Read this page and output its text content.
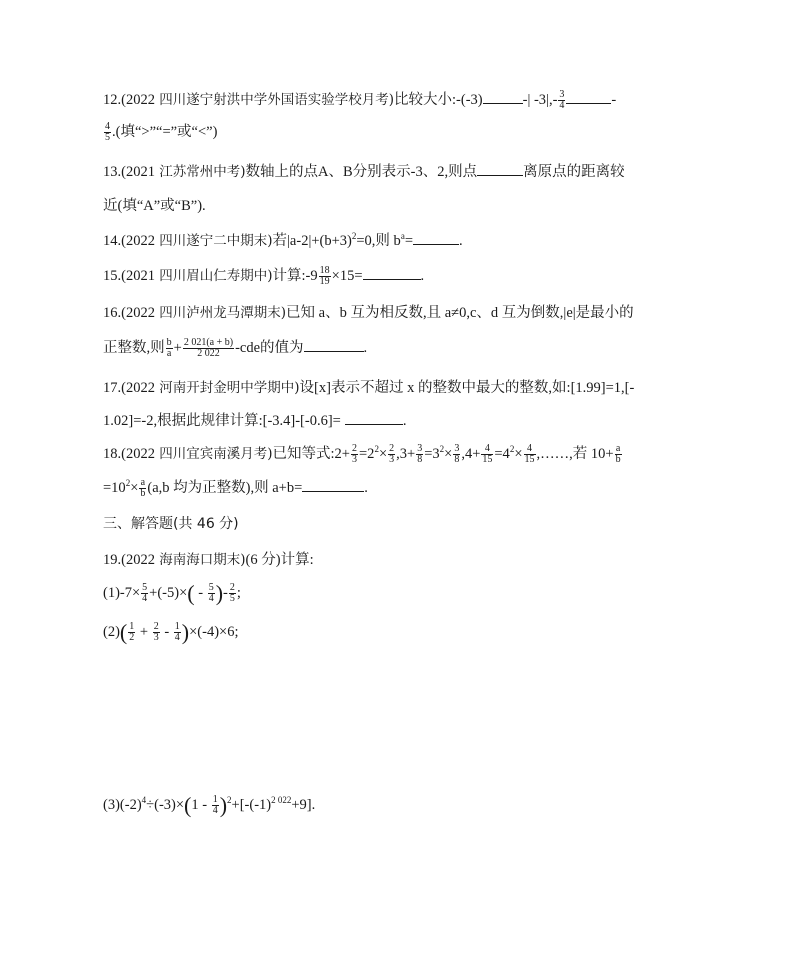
12.(2022 四川遂宁射洪中学外国语实验学校月考)比较大小:-(-3)	-| $-3|,- \frac{3}{4}$	-
$\frac{4}{5}$ .(填“>”“=”或“<”)
13.(2021 江苏常州中考)数轴上的点A、B分别表示-3、2,则点	离原点的距离较
近(填“A”或“B”).
14.(2022 四川遂宁二中期末)若$|a-2|+(b+3)^2=0$,则 $b^a=$	.
15.(2021 四川眉山仁寿期中)计算:-9 $\frac{18}{19} \times 15=$	.
16.(2022 四川泸州龙马潭期末)已知 a、b 互为相反数,且 a≠0,c、d 互为倒数,|e|是最小的
正整数,则 $\frac{b}{a} + \frac{2 021(a + b)}{2 022} -cde$的值为	.
17.(2022 河南开封金明中学期中)设[x]表示不超过 x 的整数中最大的整数,如:[1.99]=1,[-
1.02]=-2,根据此规律计算:[-3.4]-[-0.6]=	.
18.(2022 四川宜宾南溪月考)已知等式:2+ $\frac{2}{3} =2^2\times \frac{2}{3} ,3+ \frac{3}{8} =3^2\times \frac{3}{8} ,4+ \frac{4}{15} =4^2\times \frac{4}{15}$ ,……,若 $10+ \frac{a}{b}$
$=10^2\times \frac{a}{b} (a,b$ 均为正整数),则 a+b=	.
三、解答题(共 46 分)
19.(2022 海南海口期末)(6 分)计算:
$(1)-7\times \frac{5}{4} +(-5)\times( - \frac{5}{4}$ )- $\frac{2}{5}$ ;
$(2)( \frac{1}{2} + \frac{2}{3} - \frac{1}{4} )\times(-4)\times 6$;
$(3)(-2)^4\div(-3)\times(1 - \frac{1}{4} )^2+[-(-1)^{2 022}+9]$.
